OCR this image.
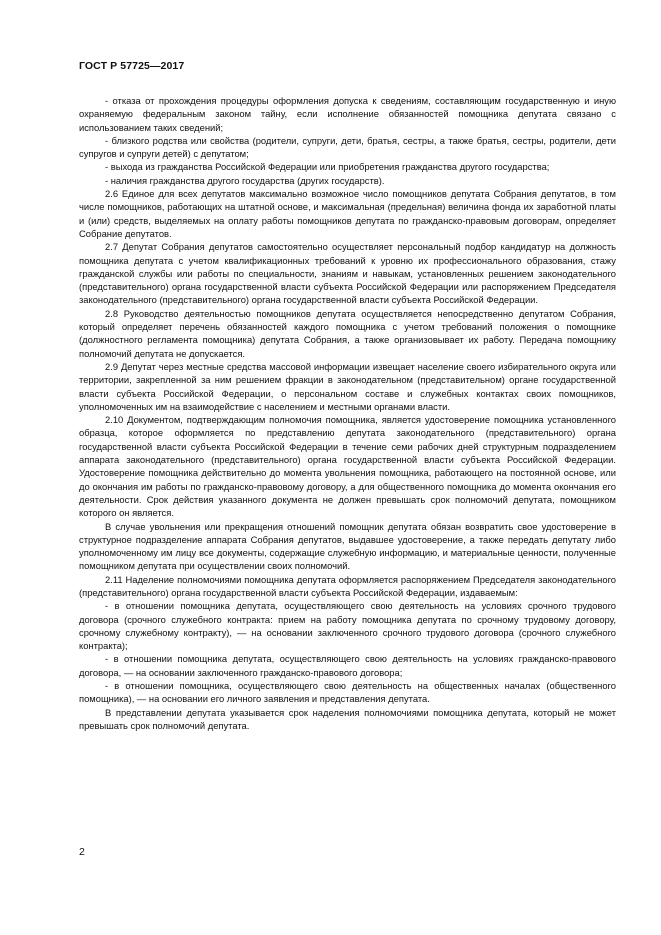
ГОСТ Р 57725—2017

- отказа от прохождения процедуры оформления допуска к сведениям, составляющим государственную и иную охраняемую федеральным законом тайну, если исполнение обязанностей помощника депутата связано с использованием таких сведений;

- близкого родства или свойства (родители, супруги, дети, братья, сестры, а также братья, сестры, родители, дети супругов и супруги детей) с депутатом;

- выхода из гражданства Российской Федерации или приобретения гражданства другого государства;

- наличия гражданства другого государства (других государств).

2.6 Единое для всех депутатов максимально возможное число помощников депутата Собрания депутатов, в том числе помощников, работающих на штатной основе, и максимальная (предельная) величина фонда их заработной платы и (или) средств, выделяемых на оплату работы помощников депутата по гражданско-правовым договорам, определяет Собрание депутатов.

2.7 Депутат Собрания депутатов самостоятельно осуществляет персональный подбор кандидатур на должность помощника депутата с учетом квалификационных требований к уровню их профессионального образования, стажу гражданской службы или работы по специальности, знаниям и навыкам, установленных решением законодательного (представительного) органа государственной власти субъекта Российской Федерации или распоряжением Председателя законодательного (представительного) органа государственной власти субъекта Российской Федерации.

2.8 Руководство деятельностью помощников депутата осуществляется непосредственно депутатом Собрания, который определяет перечень обязанностей каждого помощника с учетом требований положения о помощнике (должностного регламента помощника) депутата Собрания, а также организовывает их работу. Передача помощнику полномочий депутата не допускается.

2.9 Депутат через местные средства массовой информации извещает население своего избирательного округа или территории, закрепленной за ним решением фракции в законодательном (представительном) органе государственной власти субъекта Российской Федерации, о персональном составе и служебных контактах своих помощников, уполномоченных им на взаимодействие с населением и местными органами власти.

2.10 Документом, подтверждающим полномочия помощника, является удостоверение помощника установленного образца, которое оформляется по представлению депутата законодательного (представительного) органа государственной власти субъекта Российской Федерации в течение семи рабочих дней структурным подразделением аппарата законодательного (представительного) органа государственной власти субъекта Российской Федерации. Удостоверение помощника действительно до момента увольнения помощника, работающего на постоянной основе, или до окончания им работы по гражданско-правовому договору, а для общественного помощника до момента окончания его деятельности. Срок действия указанного документа не должен превышать срок полномочий депутата, помощником которого он является.

В случае увольнения или прекращения отношений помощник депутата обязан возвратить свое удостоверение в структурное подразделение аппарата Собрания депутатов, выдавшее удостоверение, а также передать депутату либо уполномоченному им лицу все документы, содержащие служебную информацию, и материальные ценности, полученные помощником депутата при осуществлении своих полномочий.

2.11 Наделение полномочиями помощника депутата оформляется распоряжением Председателя законодательного (представительного) органа государственной власти субъекта Российской Федерации, издаваемым:

- в отношении помощника депутата, осуществляющего свою деятельность на условиях срочного трудового договора (срочного служебного контракта: прием на работу помощника депутата по срочному трудовому договору, срочному служебному контракту), — на основании заключенного срочного трудового договора (срочного служебного контракта);

- в отношении помощника депутата, осуществляющего свою деятельность на условиях гражданско-правового договора, — на основании заключенного гражданско-правового договора;

- в отношении помощника, осуществляющего свою деятельность на общественных началах (общественного помощника), — на основании его личного заявления и представления депутата.

В представлении депутата указывается срок наделения полномочиями помощника депутата, который не может превышать срок полномочий депутата.

2
